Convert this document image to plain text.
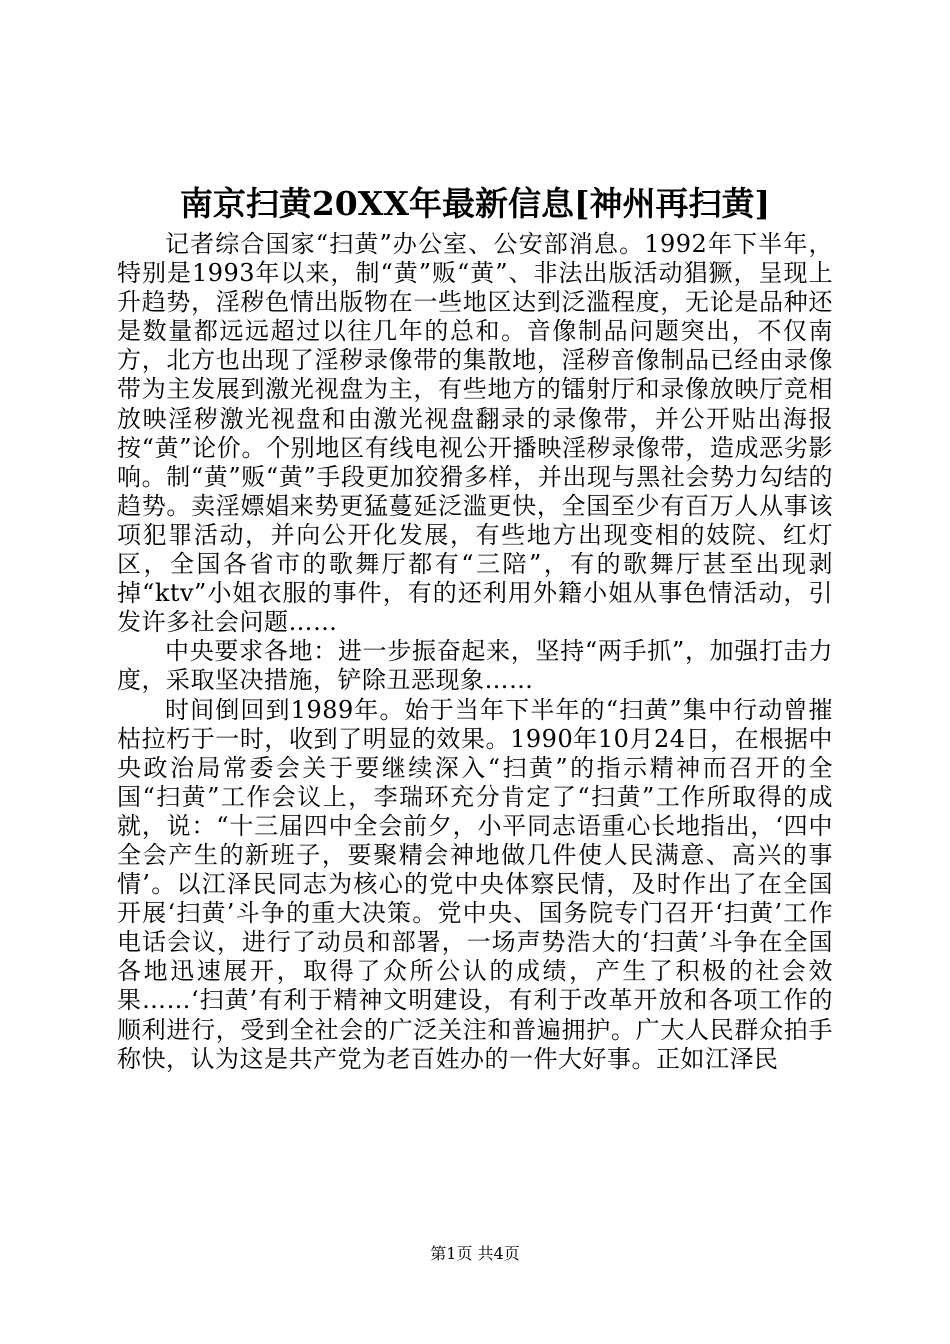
南京扫黄20XX年最新信息[神州再扫黄]

记者综合国家“扫黄”办公室、公安部消息。1992年下半年，特别是1993年以来，制“黄”贩“黄”、非法出版活动猖獗，呈现上升趋势，淫秽色情出版物在一些地区达到泛滥程度，无论是品种还是数量都远远超过以往几年的总和。音像制品问题突出，不仅南方，北方也出现了淫秽录像带的集散地，淫秽音像制品已经由录像带为主发展到激光视盘为主，有些地方的镭射厅和录像放映厅竞相放映淫秽激光视盘和由激光视盘翻录的录像带，并公开贴出海报按“黄”论价。个别地区有线电视公开播映淫秽录像带，造成恶劣影响。制“黄”贩“黄”手段更加狡猾多样，并出现与黑社会势力勾结的趋势。卖淫嫖娼来势更猛蔓延泛滥更快，全国至少有百万人从事该项犯罪活动，并向公开化发展，有些地方出现变相的妓院、红灯区，全国各省市的歌舞厅都有“三陪”，有的歌舞厅甚至出现剥掉“ktv”小姐衣服的事件，有的还利用外籍小姐从事色情活动，引发许多社会问题……

中央要求各地：进一步振奋起来，坚持“两手抓”，加强打击力度，采取坚决措施，铲除丑恶现象……

时间倒回到1989年。始于当年下半年的“扫黄”集中行动曾摧枯拉朽于一时，收到了明显的效果。1990年10月24日，在根据中央政治局常委会关于要继续深入“扫黄”的指示精神而召开的全国“扫黄”工作会议上，李瑞环充分肯定了“扫黄”工作所取得的成就，说：“十三届四中全会前夕，小平同志语重心长地指出，‘四中全会产生的新班子，要聚精会神地做几件使人民满意、高兴的事情’。以江泽民同志为核心的党中央体察民情，及时作出了在全国开展‘扫黄’斗争的重大决策。党中央、国务院专门召开‘扫黄’工作电话会议，进行了动员和部署，一场声势浩大的‘扫黄’斗争在全国各地迅速展开，取得了众所公认的成绩，产生了积极的社会效果……‘扫黄’有利于精神文明建设，有利于改革开放和各项工作的顺利进行，受到全社会的广泛关注和普遍拥护。广大人民群众拍手称快，认为这是共产党为老百姓办的一件大好事。正如江泽民

第1页 共4页
